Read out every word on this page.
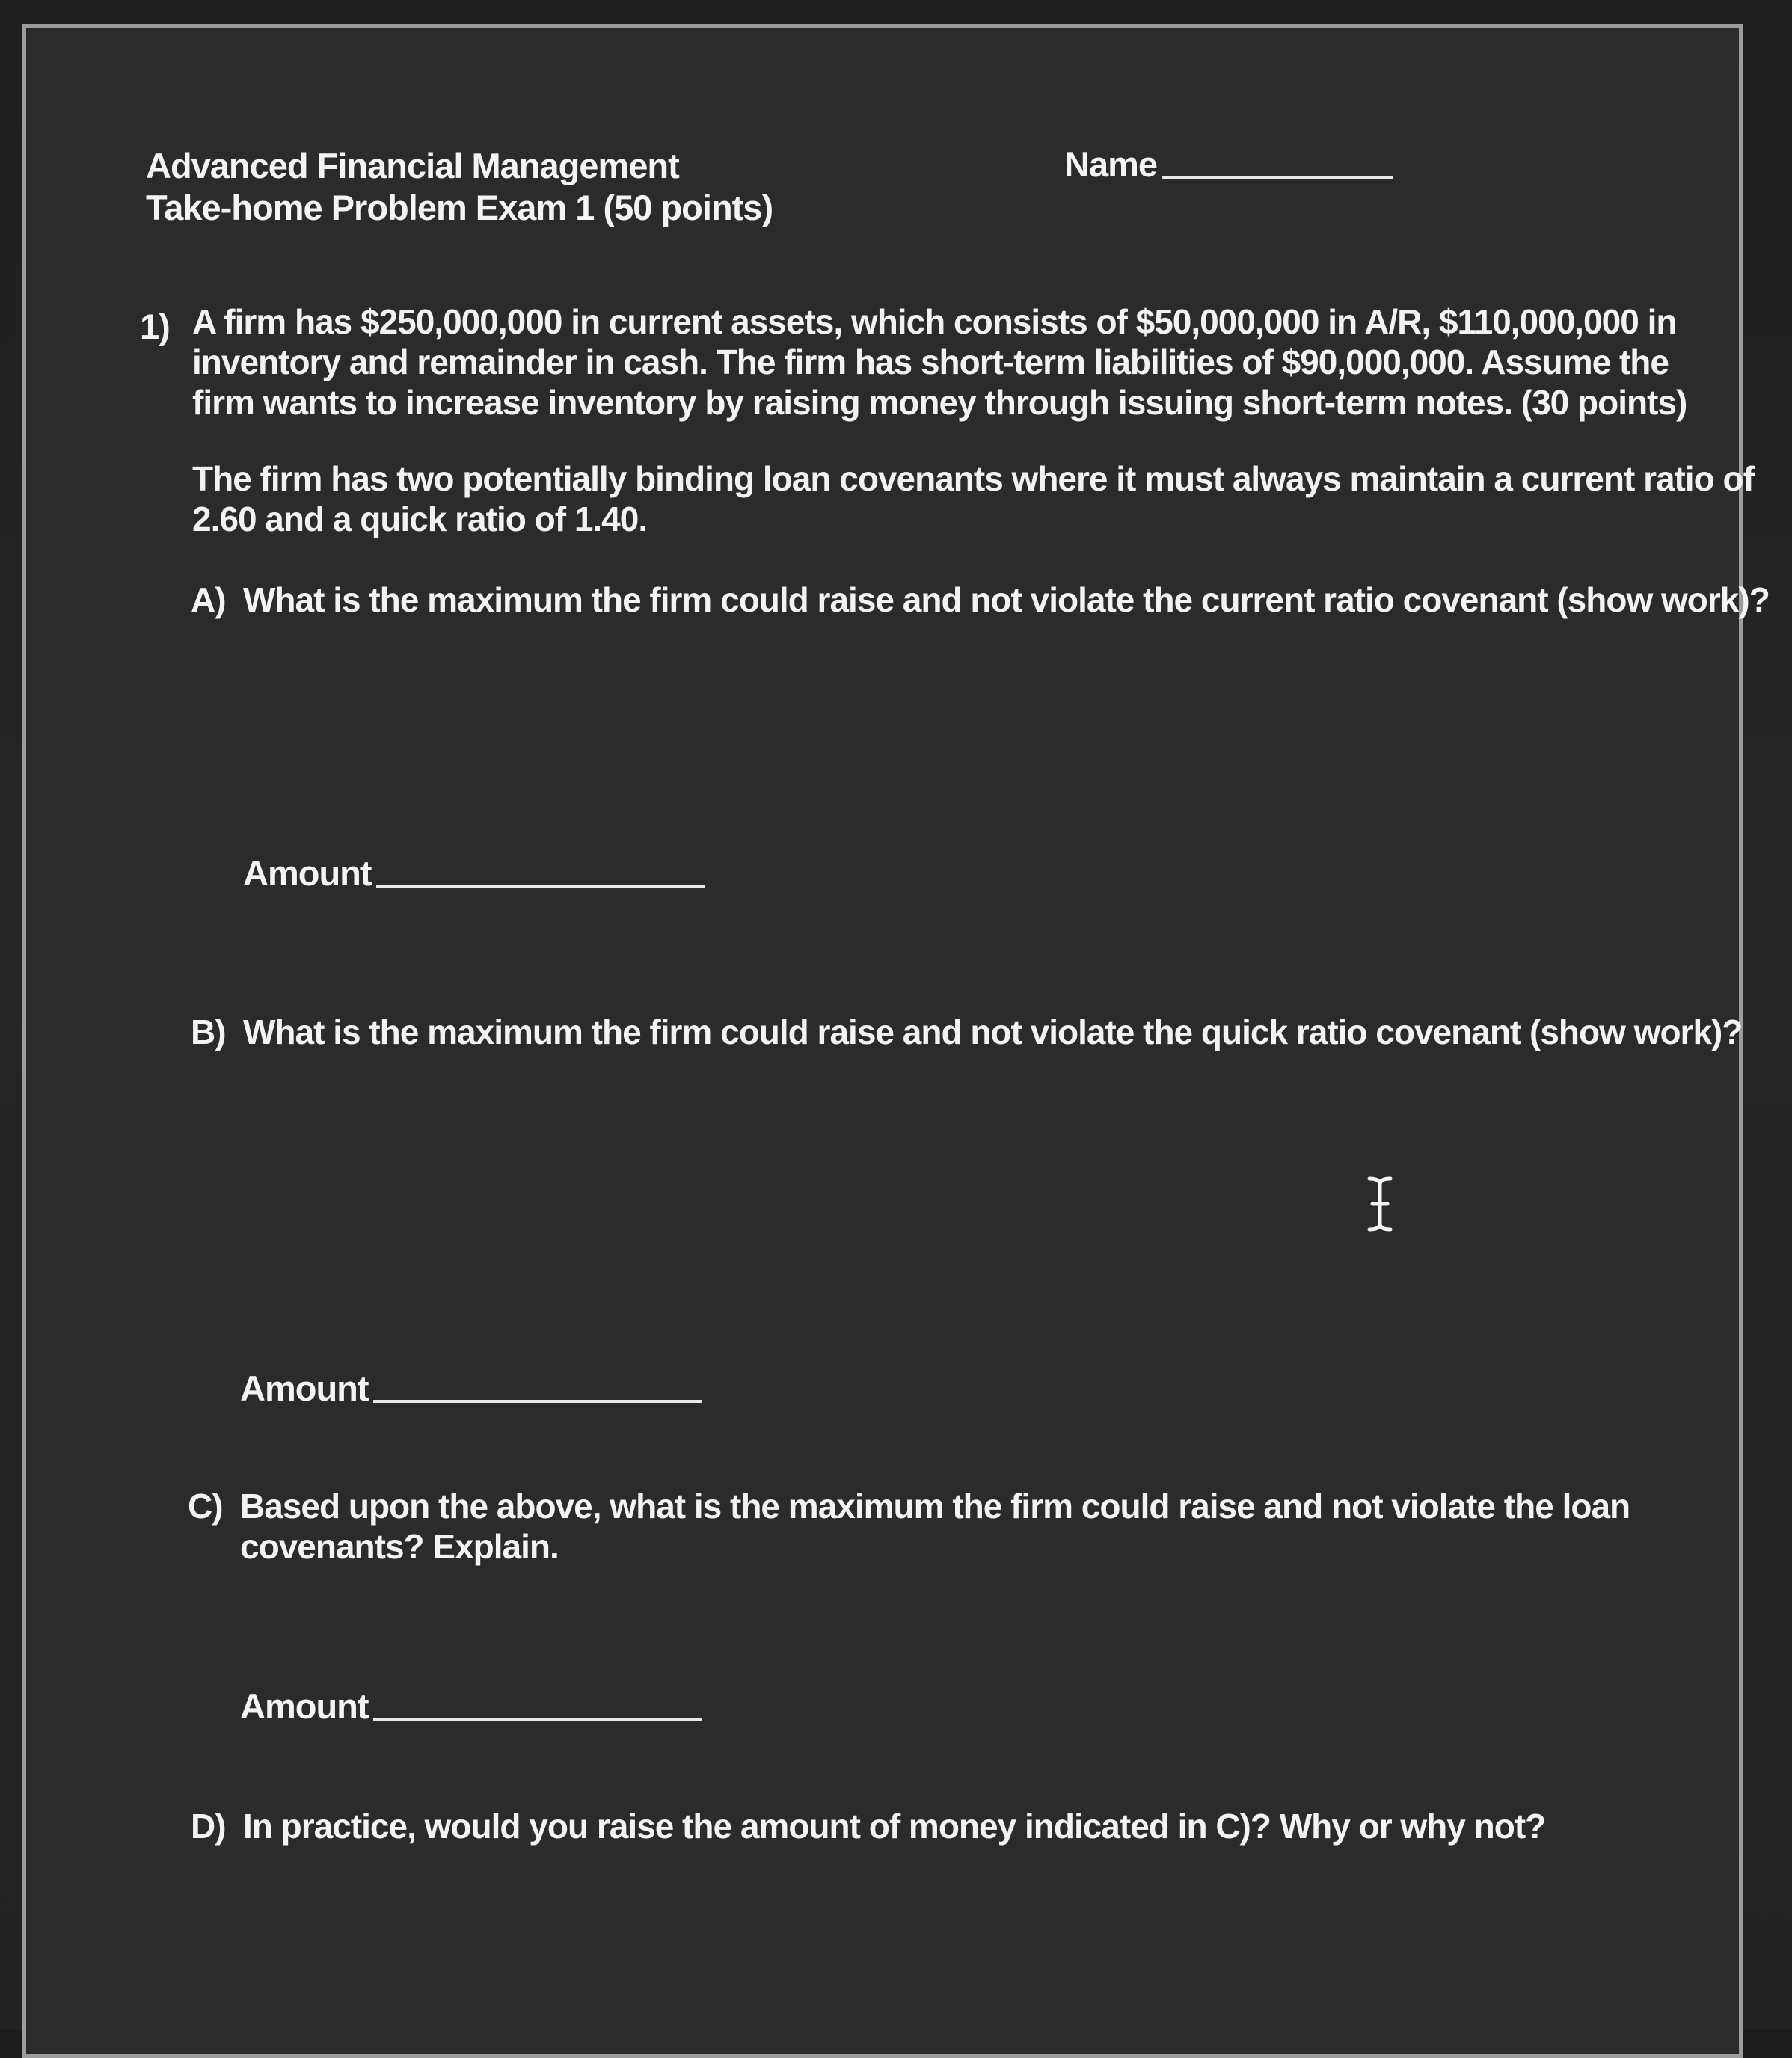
Advanced Financial Management
Take-home Problem Exam 1 (50 points)
Name
1) A firm has $250,000,000 in current assets, which consists of $50,000,000 in A/R, $110,000,000 in
inventory and remainder in cash. The firm has short-term liabilities of $90,000,000. Assume the
firm wants to increase inventory by raising money through issuing short-term notes. (30 points)
The firm has two potentially binding loan covenants where it must always maintain a current ratio of
2.60 and a quick ratio of 1.40.
A) What is the maximum the firm could raise and not violate the current ratio covenant (show work)?
Amount
B) What is the maximum the firm could raise and not violate the quick ratio covenant (show work)?
Amount
C) Based upon the above, what is the maximum the firm could raise and not violate the loan
covenants? Explain.
Amount
D) In practice, would you raise the amount of money indicated in C)? Why or why not?
